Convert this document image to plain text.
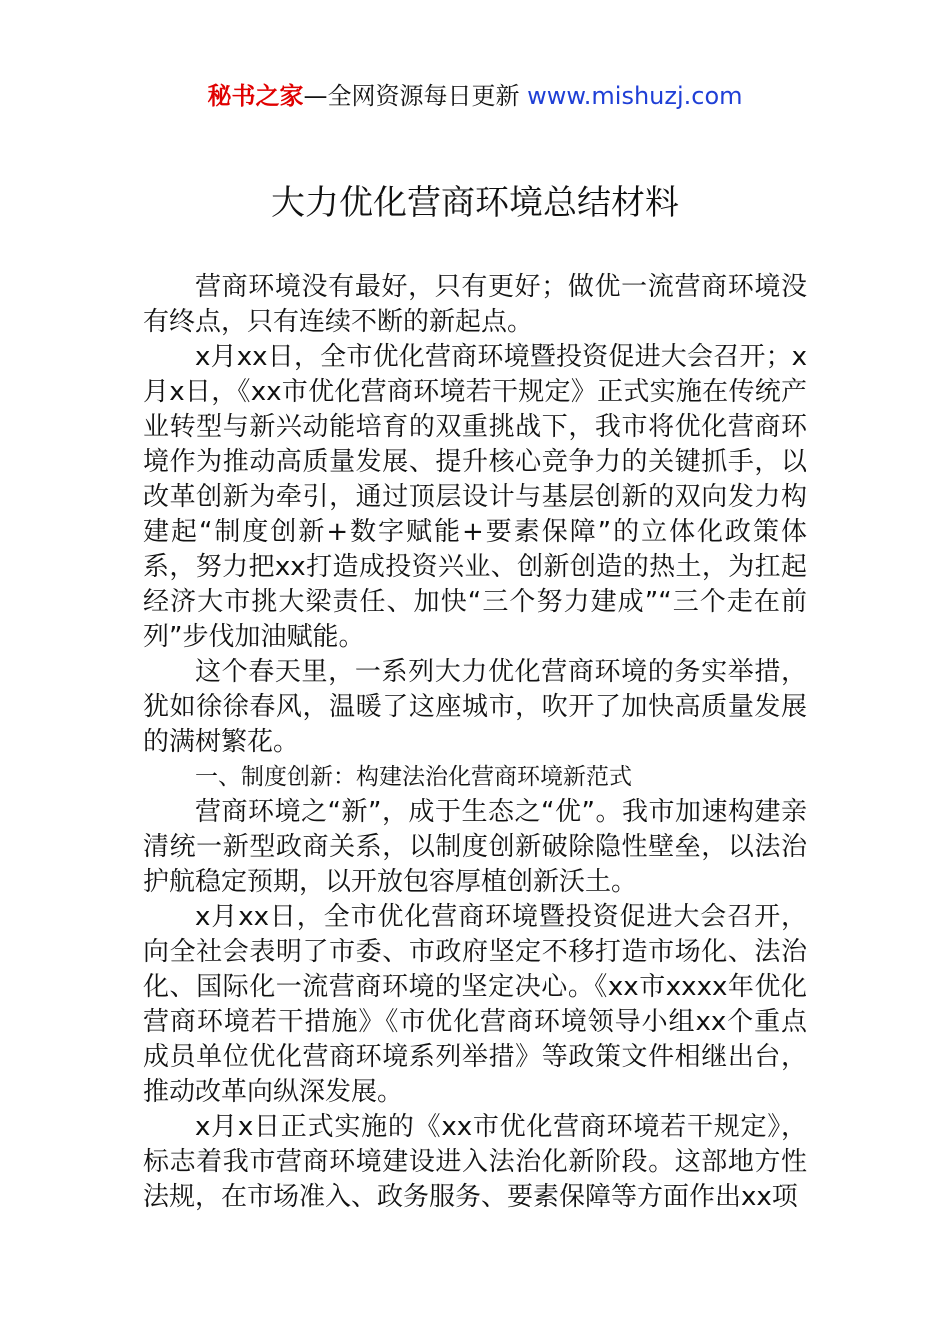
秘书之家—全网资源每日更新 www.mishuzj.com
大力优化营商环境总结材料

营商环境没有最好，只有更好；做优一流营商环境没有终点，只有连续不断的新起点。

x月xx日，全市优化营商环境暨投资促进大会召开；x月x日，《xx市优化营商环境若干规定》正式实施在传统产业转型与新兴动能培育的双重挑战下，我市将优化营商环境作为推动高质量发展、提升核心竞争力的关键抓手，以改革创新为牵引，通过顶层设计与基层创新的双向发力构建起“制度创新+数字赋能+要素保障”的立体化政策体系，努力把xx打造成投资兴业、创新创造的热土，为扛起经济大市挑大梁责任、加快“三个努力建成”“三个走在前列”步伐加油赋能。

这个春天里，一系列大力优化营商环境的务实举措，犹如徐徐春风，温暖了这座城市，吹开了加快高质量发展的满树繁花。

一、制度创新：构建法治化营商环境新范式

营商环境之“新”，成于生态之“优”。我市加速构建亲清统一新型政商关系，以制度创新破除隐性壁垒，以法治护航稳定预期，以开放包容厚植创新沃土。

x月xx日，全市优化营商环境暨投资促进大会召开，向全社会表明了市委、市政府坚定不移打造市场化、法治化、国际化一流营商环境的坚定决心。《xx市xxxx年优化营商环境若干措施》《市优化营商环境领导小组xx个重点成员单位优化营商环境系列举措》等政策文件相继出台，推动改革向纵深发展。

x月x日正式实施的《xx市优化营商环境若干规定》，标志着我市营商环境建设进入法治化新阶段。这部地方性法规，在市场准入、政务服务、要素保障等方面作出xx项
